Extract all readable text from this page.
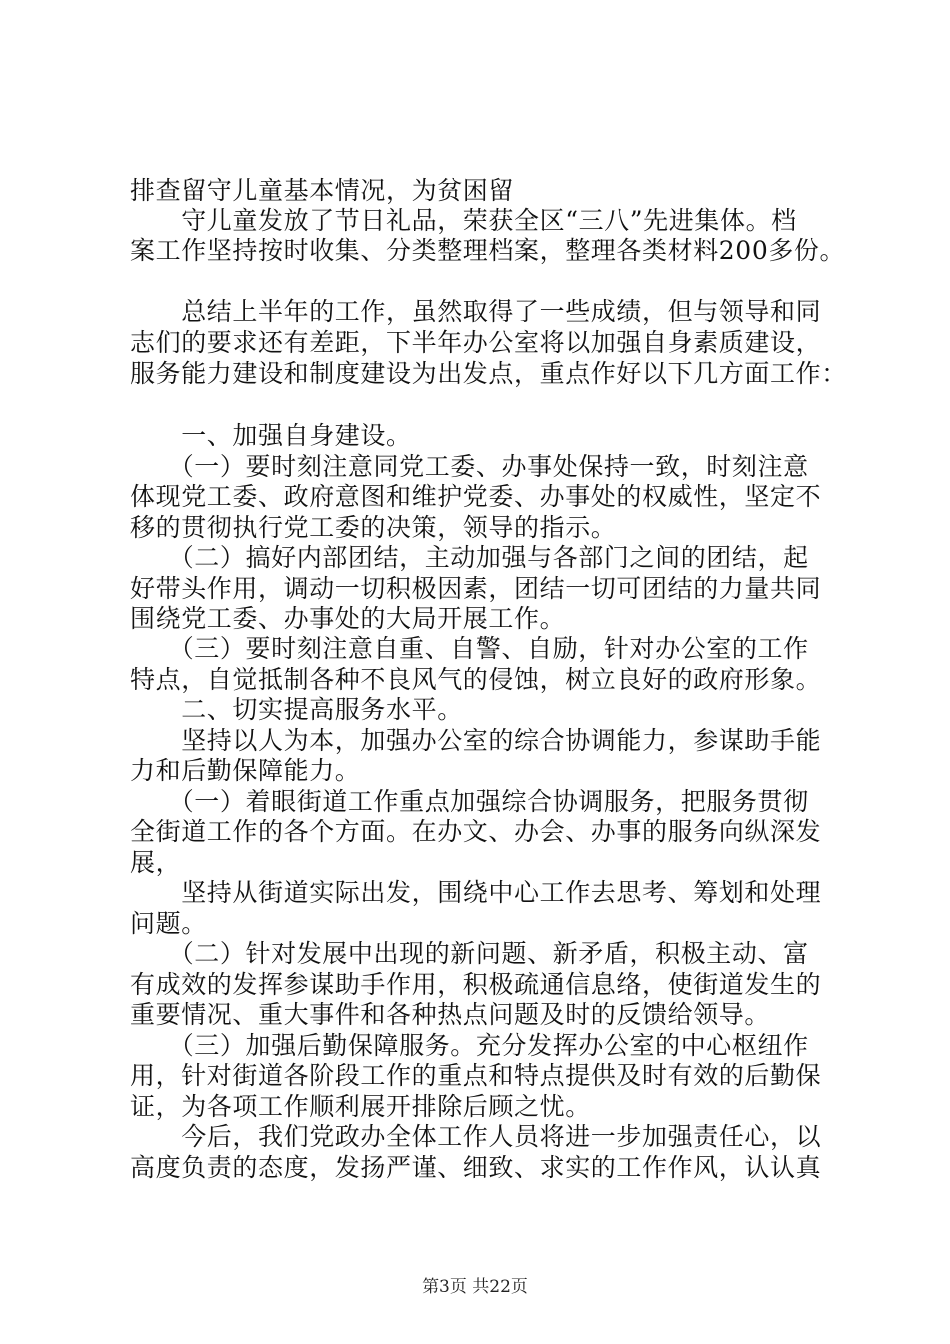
排查留守儿童基本情况，为贫困留
　　守儿童发放了节日礼品，荣获全区“三八”先进集体。档
案工作坚持按时收集、分类整理档案，整理各类材料200多份。
　　总结上半年的工作，虽然取得了一些成绩，但与领导和同
志们的要求还有差距，下半年办公室将以加强自身素质建设，
服务能力建设和制度建设为出发点，重点作好以下几方面工作：
　　一、加强自身建设。
　　（一）要时刻注意同党工委、办事处保持一致，时刻注意
体现党工委、政府意图和维护党委、办事处的权威性，坚定不
移的贯彻执行党工委的决策，领导的指示。
　　（二）搞好内部团结，主动加强与各部门之间的团结，起
好带头作用，调动一切积极因素，团结一切可团结的力量共同
围绕党工委、办事处的大局开展工作。
　　（三）要时刻注意自重、自警、自励，针对办公室的工作
特点，自觉抵制各种不良风气的侵蚀，树立良好的政府形象。
　　二、切实提高服务水平。
　　坚持以人为本，加强办公室的综合协调能力，参谋助手能
力和后勤保障能力。
　　（一）着眼街道工作重点加强综合协调服务，把服务贯彻
全街道工作的各个方面。在办文、办会、办事的服务向纵深发
展，
　　坚持从街道实际出发，围绕中心工作去思考、筹划和处理
问题。
　　（二）针对发展中出现的新问题、新矛盾，积极主动、富
有成效的发挥参谋助手作用，积极疏通信息络，使街道发生的
重要情况、重大事件和各种热点问题及时的反馈给领导。
　　（三）加强后勤保障服务。充分发挥办公室的中心枢纽作
用，针对街道各阶段工作的重点和特点提供及时有效的后勤保
证，为各项工作顺利展开排除后顾之忧。
　　今后，我们党政办全体工作人员将进一步加强责任心，以
高度负责的态度，发扬严谨、细致、求实的工作作风，认认真
第3页 共22页
